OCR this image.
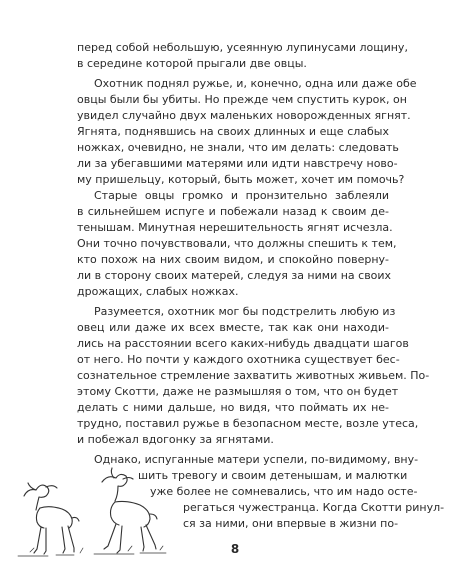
перед собой небольшую, усеянную лупинусами лощину,
в середине которой прыгали две овцы.
Охотник поднял ружье, и, конечно, одна или даже обе
овцы были бы убиты. Но прежде чем спустить курок, он
увидел случайно двух маленьких новорожденных ягнят.
Ягнята, поднявшись на своих длинных и еще слабых
ножках, очевидно, не знали, что им делать: следовать
ли за убегавшими матерями или идти навстречу ново-
му пришельцу, который, быть может, хочет им помочь?
Старые овцы громко и пронзительно заблеяли
в сильнейшем испуге и побежали назад к своим де-
тенышам. Минутная нерешительность ягнят исчезла.
Они точно почувствовали, что должны спешить к тем,
кто похож на них своим видом, и спокойно поверну-
ли в сторону своих матерей, следуя за ними на своих
дрожащих, слабых ножках.
Разумеется, охотник мог бы подстрелить любую из
овец или даже их всех вместе, так как они находи-
лись на расстоянии всего каких-нибудь двадцати шагов
от него. Но почти у каждого охотника существует бес-
сознательное стремление захватить животных живьем. По-
этому Скотти, даже не размышляя о том, что он будет
делать с ними дальше, но видя, что поймать их не-
трудно, поставил ружье в безопасном месте, возле утеса,
и побежал вдогонку за ягнятами.
Однако, испуганные матери успели, по-видимому, вну-
шить тревогу и своим детенышам, и малютки
уже более не сомневались, что им надо осте-
регаться чужестранца. Когда Скотти ринул-
ся за ними, они впервые в жизни по-
8
